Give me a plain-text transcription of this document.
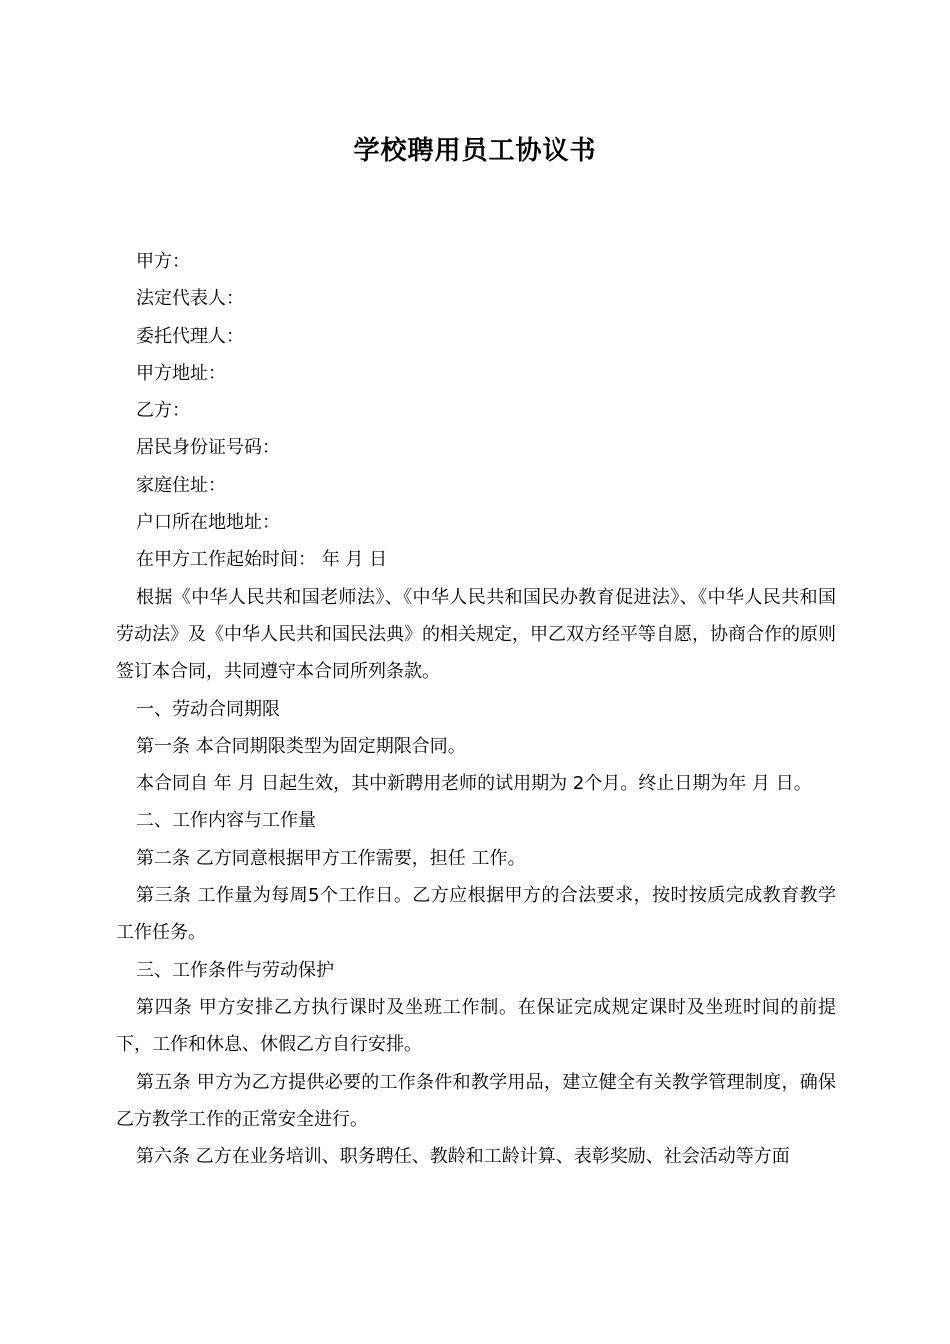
学校聘用员工协议书

甲方：

法定代表人：

委托代理人：

甲方地址：

乙方：

居民身份证号码：

家庭住址：

户口所在地地址：

在甲方工作起始时间： 年 月 日

根据《中华人民共和国老师法》、《中华人民共和国民办教育促进法》、《中华人民共和国劳动法》及《中华人民共和国民法典》的相关规定，甲乙双方经平等自愿，协商合作的原则签订本合同，共同遵守本合同所列条款。

一、劳动合同期限

第一条 本合同期限类型为固定期限合同。

本合同自 年 月 日起生效，其中新聘用老师的试用期为 2个月。终止日期为年 月 日。

二、工作内容与工作量

第二条 乙方同意根据甲方工作需要，担任 工作。

第三条 工作量为每周5个工作日。乙方应根据甲方的合法要求，按时按质完成教育教学工作任务。

三、工作条件与劳动保护

第四条 甲方安排乙方执行课时及坐班工作制。在保证完成规定课时及坐班时间的前提下，工作和休息、休假乙方自行安排。

第五条 甲方为乙方提供必要的工作条件和教学用品，建立健全有关教学管理制度，确保乙方教学工作的正常安全进行。

第六条 乙方在业务培训、职务聘任、教龄和工龄计算、表彰奖励、社会活动等方面
